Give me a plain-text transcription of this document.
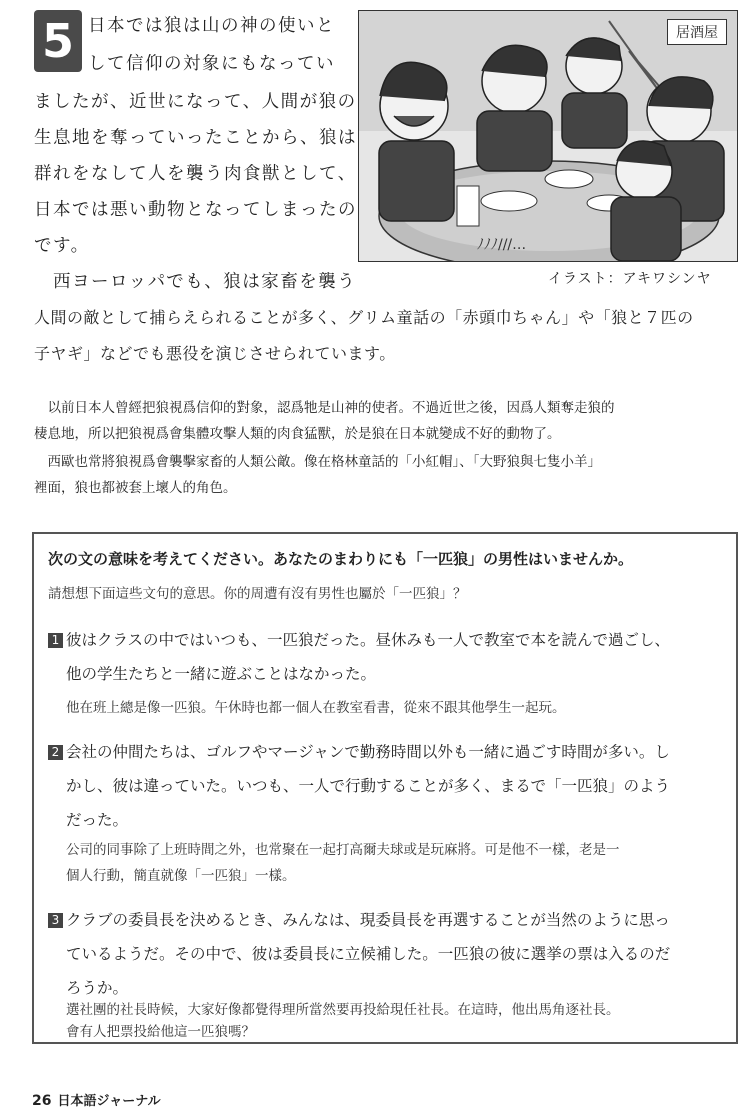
5 日本では狼は山の神の使いと
して信仰の対象にもなってい
ましたが、近世になって、人間が狼の
生息地を奪っていったことから、狼は
群れをなして人を襲う肉食獣として、
日本では悪い動物となってしまったの
です。
　西ヨーロッパでも、狼は家畜を襲う
人間の敵として捕らえられることが多く、グリム童話の「赤頭巾ちゃん」や「狼と７匹の
子ヤギ」などでも悪役を演じさせられています。
ﾉﾉﾉ///…
居酒屋
イラスト：アキワシンヤ
　以前日本人曾經把狼視爲信仰的對象，認爲牠是山神的使者。不過近世之後，因爲人類奪走狼的
棲息地，所以把狼視爲會集體攻擊人類的肉食猛獸，於是狼在日本就變成不好的動物了。
　西歐也常將狼視爲會襲擊家畜的人類公敵。像在格林童話的「小紅帽」、「大野狼與七隻小羊」
裡面，狼也都被套上壞人的角色。
次の文の意味を考えてください。あなたのまわりにも「一匹狼」の男性はいませんか。
請想想下面這些文句的意思。你的周遭有沒有男性也屬於「一匹狼」？
1 彼はクラスの中ではいつも、一匹狼だった。昼休みも一人で教室で本を読んで過ごし、
他の学生たちと一緒に遊ぶことはなかった。
他在班上總是像一匹狼。午休時也都一個人在教室看書，從來不跟其他學生一起玩。
2 会社の仲間たちは、ゴルフやマージャンで勤務時間以外も一緒に過ごす時間が多い。し
かし、彼は違っていた。いつも、一人で行動することが多く、まるで「一匹狼」のよう
だった。
公司的同事除了上班時間之外，也常聚在一起打高爾夫球或是玩麻將。可是他不一樣，老是一
個人行動，簡直就像「一匹狼」一樣。
3 クラブの委員長を決めるとき、みんなは、現委員長を再選することが当然のように思っ
ているようだ。その中で、彼は委員長に立候補した。一匹狼の彼に選挙の票は入るのだ
ろうか。
選社團的社長時候，大家好像都覺得理所當然要再投給現任社長。在這時，他出馬角逐社長。
會有人把票投給他這一匹狼嗎？
26 日本語ジャーナル
